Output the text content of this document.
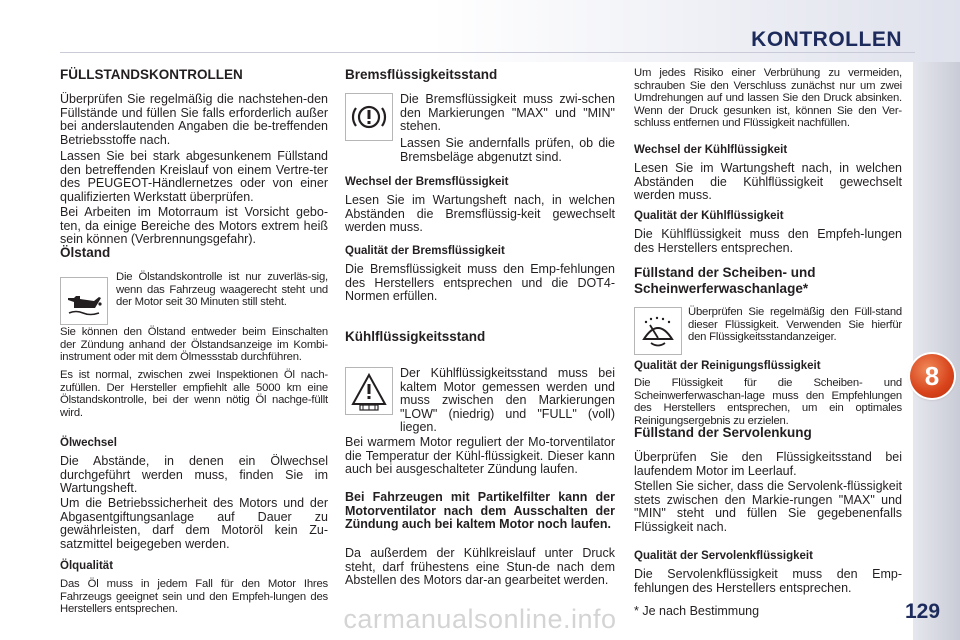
KONTROLLEN
8
FÜLLSTANDSKONTROLLEN

Überprüfen Sie regelmäßig die nachstehen-den Füllstände und füllen Sie falls erforderlich außer bei anderslautenden Angaben die be-treffenden Betriebsstoffe nach.

Lassen Sie bei stark abgesunkenem Füllstand den betreffenden Kreislauf von einem Vertre-ter des PEUGEOT-Händlernetzes oder von einer qualifizierten Werkstatt überprüfen.

Bei Arbeiten im Motorraum ist Vorsicht gebo-ten, da einige Bereiche des Motors extrem heiß sein können (Verbrennungsgefahr).

Ölstand

Die Ölstandskontrolle ist nur zuverläs-sig, wenn das Fahrzeug waagerecht steht und der Motor seit 30 Minuten still steht.

Sie können den Ölstand entweder beim Einschalten der Zündung anhand der Ölstandsanzeige im Kombi-instrument oder mit dem Ölmessstab durchführen.

Es ist normal, zwischen zwei Inspektionen Öl nach-zufüllen. Der Hersteller empfiehlt alle 5000 km eine Ölstandskontrolle, bei der wenn nötig Öl nachge-füllt wird.

Ölwechsel

Die Abstände, in denen ein Ölwechsel durchgeführt werden muss, finden Sie im Wartungsheft.

Um die Betriebssicherheit des Motors und der Abgasentgiftungsanlage auf Dauer zu gewährleisten, darf dem Motoröl kein Zu-satzmittel beigegeben werden.

Ölqualität

Das Öl muss in jedem Fall für den Motor Ihres Fahrzeugs geeignet sein und den Empfeh-lungen des Herstellers entsprechen.

Bremsflüssigkeitsstand

Die Bremsflüssigkeit muss zwi-schen den Markierungen "MAX" und "MIN" stehen.

Lassen Sie andernfalls prüfen, ob die Bremsbeläge abgenutzt sind.

Wechsel der Bremsflüssigkeit

Lesen Sie im Wartungsheft nach, in welchen Abständen die Bremsflüssig-keit gewechselt werden muss.

Qualität der Bremsflüssigkeit

Die Bremsflüssigkeit muss den Emp-fehlungen des Herstellers entsprechen und die DOT4-Normen erfüllen.

Kühlflüssigkeitsstand

Der Kühlflüssigkeitsstand muss bei kaltem Motor gemessen werden und muss zwischen den Markierungen "LOW" (niedrig) und "FULL" (voll) liegen.

Bei warmem Motor reguliert der Mo-torventilator die Temperatur der Kühl-flüssigkeit. Dieser kann auch bei ausgeschalteter Zündung laufen.

Bei Fahrzeugen mit Partikelfilter kann der Motorventilator nach dem Ausschalten der Zündung auch bei kaltem Motor noch laufen.

Da außerdem der Kühlkreislauf unter Druck steht, darf frühestens eine Stun-de nach dem Abstellen des Motors dar-an gearbeitet werden.

Um jedes Risiko einer Verbrühung zu vermeiden, schrauben Sie den Verschluss zunächst nur um zwei Umdrehungen auf und lassen Sie den Druck absinken. Wenn der Druck gesunken ist, können Sie den Ver-schluss entfernen und Flüssigkeit nachfüllen.

Wechsel der Kühlflüssigkeit

Lesen Sie im Wartungsheft nach, in welchen Abständen die Kühlflüssigkeit gewechselt werden muss.

Qualität der Kühlflüssigkeit

Die Kühlflüssigkeit muss den Empfeh-lungen des Herstellers entsprechen.

Füllstand der Scheiben- und Scheinwerferwaschanlage*

Überprüfen Sie regelmäßig den Füll-stand dieser Flüssigkeit. Verwenden Sie hierfür den Flüssigkeitsstandanzeiger.

Qualität der Reinigungsflüssigkeit

Die Flüssigkeit für die Scheiben- und Scheinwerferwaschan-lage muss den Empfehlungen des Herstellers entsprechen, um ein optimales Reinigungsergebnis zu erzielen.

Füllstand der Servolenkung

Überprüfen Sie den Flüssigkeitsstand bei laufendem Motor im Leerlauf.

Stellen Sie sicher, dass die Servolenk-flüssigkeit stets zwischen den Markie-rungen "MAX" und "MIN" steht und füllen Sie gegebenenfalls Flüssigkeit nach.

Qualität der Servolenkflüssigkeit

Die Servolenkflüssigkeit muss den Emp-fehlungen des Herstellers entsprechen.

* Je nach Bestimmung	129
carmanualsonline.info
